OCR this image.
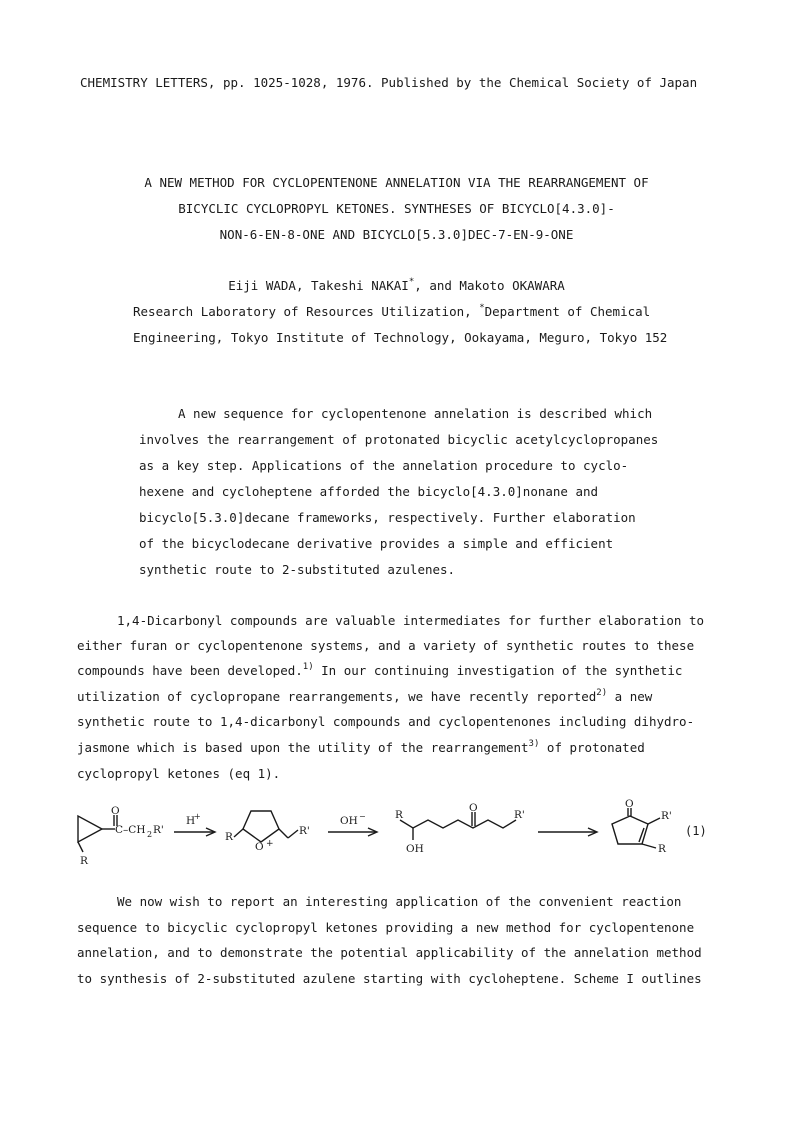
CHEMISTRY LETTERS, pp. 1025-1028, 1976. Published by the Chemical Society of Japan
A NEW METHOD FOR CYCLOPENTENONE ANNELATION VIA THE REARRANGEMENT OF
BICYCLIC CYCLOPROPYL KETONES. SYNTHESES OF BICYCLO[4.3.0]-
NON-6-EN-8-ONE AND BICYCLO[5.3.0]DEC-7-EN-9-ONE
Eiji WADA, Takeshi NAKAI*, and Makoto OKAWARA
Research Laboratory of Resources Utilization, *Department of Chemical
Engineering, Tokyo Institute of Technology, Ookayama, Meguro, Tokyo 152
A new sequence for cyclopentenone annelation is described which
involves the rearrangement of protonated bicyclic acetylcyclopropanes
as a key step. Applications of the annelation procedure to cyclo-
hexene and cycloheptene afforded the bicyclo[4.3.0]nonane and
bicyclo[5.3.0]decane frameworks, respectively. Further elaboration
of the bicyclodecane derivative provides a simple and efficient
synthetic route to 2-substituted azulenes.
1,4-Dicarbonyl compounds are valuable intermediates for further elaboration to
either furan or cyclopentenone systems, and a variety of synthetic routes to these
compounds have been developed.$^{1)}$ In our continuing investigation of the synthetic
utilization of cyclopropane rearrangements, we have recently reported$^{2)}$ a new
synthetic route to 1,4-dicarbonyl compounds and cyclopentenones including dihydro-
jasmone which is based upon the utility of the rearrangement$^{3)}$ of protonated
cyclopropyl ketones (eq 1).
O
C–CH 2 R'
R
H
+
R
O +
R'
OH −	R
OH
O
R'
O
R'
R
(1)
We now wish to report an interesting application of the convenient reaction
sequence to bicyclic cyclopropyl ketones providing a new method for cyclopentenone
annelation, and to demonstrate the potential applicability of the annelation method
to synthesis of 2-substituted azulene starting with cycloheptene. Scheme I outlines
